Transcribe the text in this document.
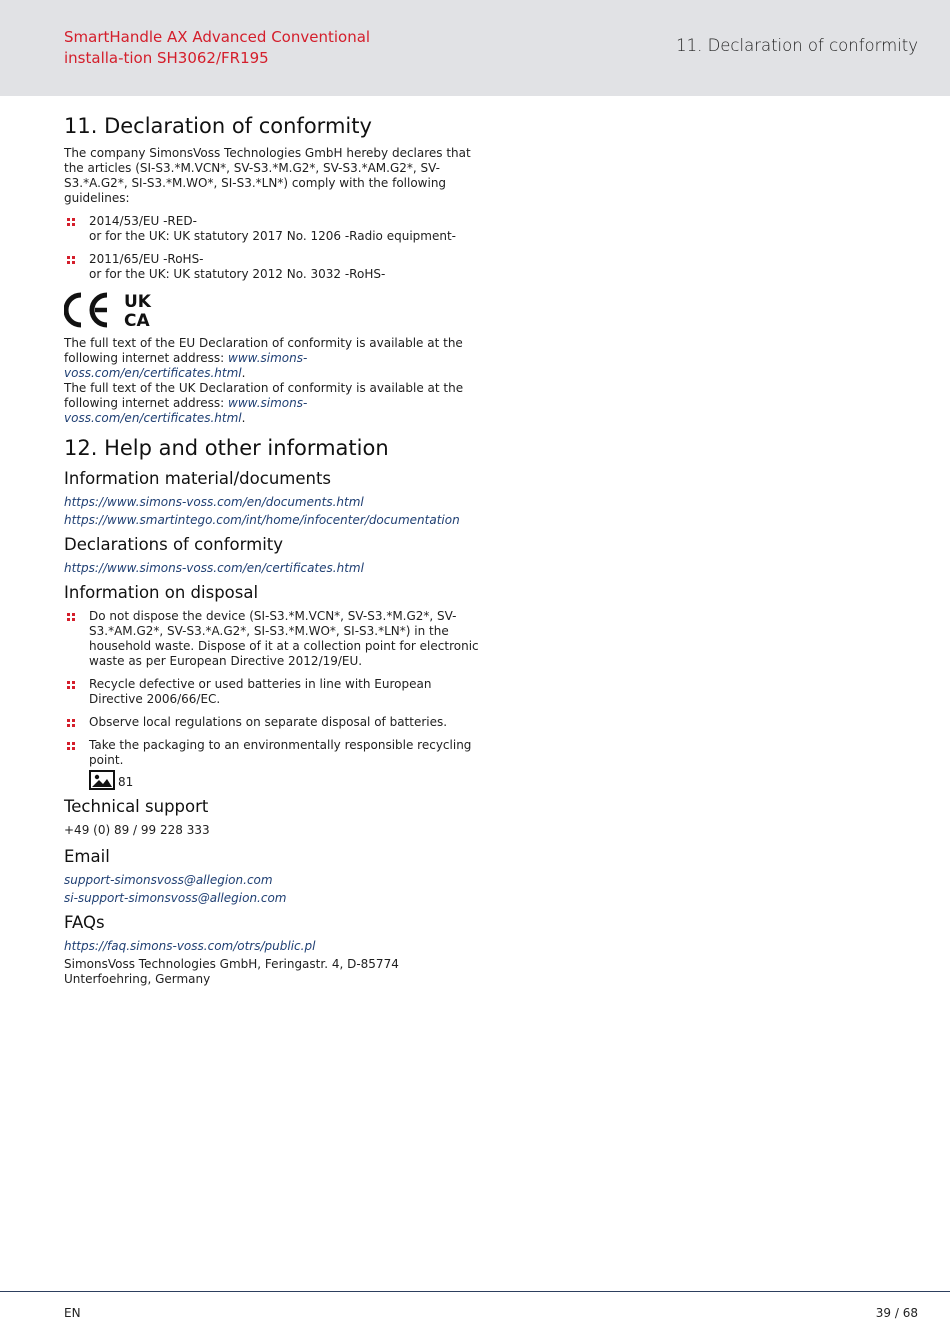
SmartHandle AX Advanced Conventional installa-tion SH3062/FR195
11. Declaration of conformity
11. Declaration of conformity

The company SimonsVoss Technologies GmbH hereby declares that the articles (SI-S3.*M.VCN*, SV-S3.*M.G2*, SV-S3.*AM.G2*, SV-S3.*A.G2*, SI-S3.*M.WO*, SI-S3.*LN*) comply with the following guidelines:

2014/53/EU -RED-
or for the UK: UK statutory 2017 No. 1206 -Radio equipment-
2011/65/EU -RoHS-
or for the UK: UK statutory 2012 No. 3032 -RoHS-
UK
CA

The full text of the EU Declaration of conformity is available at the following internet address: www.simons-voss.com/en/certificates.html.

The full text of the UK Declaration of conformity is available at the following internet address: www.simons-voss.com/en/certificates.html.

12. Help and other information
Information material/documents
https://www.simons-voss.com/en/documents.html
https://www.smartintego.com/int/home/infocenter/documentation
Declarations of conformity
https://www.simons-voss.com/en/certificates.html
Information on disposal
Do not dispose the device (SI-S3.*M.VCN*, SV-S3.*M.G2*, SV-S3.*AM.G2*, SV-S3.*A.G2*, SI-S3.*M.WO*, SI-S3.*LN*) in the household waste. Dispose of it at a collection point for electronic waste as per European Directive 2012/19/EU.
Recycle defective or used batteries in line with European Directive 2006/66/EC.
Observe local regulations on separate disposal of batteries.
Take the packaging to an environmentally responsible recycling point.
81
Technical support

+49 (0) 89 / 99 228 333

Email
support-simonsvoss@allegion.com
si-support-simonsvoss@allegion.com
FAQs
https://faq.simons-voss.com/otrs/public.pl

SimonsVoss Technologies GmbH, Feringastr. 4, D-85774 Unterfoehring, Germany

EN	39 / 68
